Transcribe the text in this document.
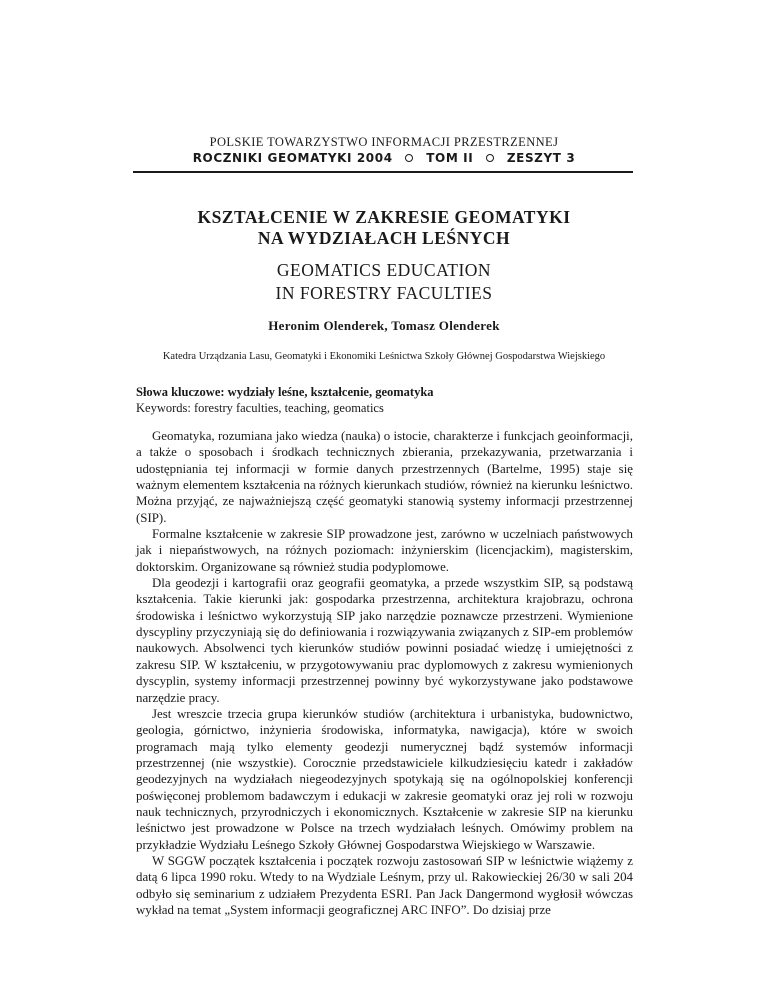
POLSKIE TOWARZYSTWO INFORMACJI PRZESTRZENNEJ
ROCZNIKI GEOMATYKI 2004	TOM II	ZESZYT 3
KSZTAŁCENIE W ZAKRESIE GEOMATYKI
NA WYDZIAŁACH LEŚNYCH
GEOMATICS EDUCATION
IN FORESTRY FACULTIES
Heronim Olenderek, Tomasz Olenderek
Katedra Urządzania Lasu, Geomatyki i Ekonomiki Leśnictwa Szkoły Głównej Gospodarstwa Wiejskiego
Słowa kluczowe: wydziały leśne, kształcenie, geomatyka
Keywords: forestry faculties, teaching, geomatics

Geomatyka, rozumiana jako wiedza (nauka) o istocie, charakterze i funkcjach geoinformacji, a także o sposobach i środkach technicznych zbierania, przekazywania, przetwarzania i udostępniania tej informacji w formie danych przestrzennych (Bartelme, 1995) staje się ważnym elementem kształcenia na różnych kierunkach studiów, również na kierunku leśnictwo. Można przyjąć, ze najważniejszą część geomatyki stanowią systemy informacji przestrzennej (SIP).

Formalne kształcenie w zakresie SIP prowadzone jest, zarówno w uczelniach państwowych jak i niepaństwowych, na różnych poziomach: inżynierskim (licencjackim), magisterskim, doktorskim. Organizowane są również studia podyplomowe.

Dla geodezji i kartografii oraz geografii geomatyka, a przede wszystkim SIP, są podstawą kształcenia. Takie kierunki jak: gospodarka przestrzenna, architektura krajobrazu, ochrona środowiska i leśnictwo wykorzystują SIP jako narzędzie poznawcze przestrzeni. Wymienione dyscypliny przyczyniają się do definiowania i rozwiązywania związanych z SIP-em problemów naukowych. Absolwenci tych kierunków studiów powinni posiadać wiedzę i umiejętności z zakresu SIP. W kształceniu, w przygotowywaniu prac dyplomowych z zakresu wymienionych dyscyplin, systemy informacji przestrzennej powinny być wykorzystywane jako podstawowe narzędzie pracy.

Jest wreszcie trzecia grupa kierunków studiów (architektura i urbanistyka, budownictwo, geologia, górnictwo, inżynieria środowiska, informatyka, nawigacja), które w swoich programach mają tylko elementy geodezji numerycznej bądź systemów informacji przestrzennej (nie wszystkie). Corocznie przedstawiciele kilkudziesięciu katedr i zakładów geodezyjnych na wydziałach niegeodezyjnych spotykają się na ogólnopolskiej konferencji poświęconej problemom badawczym i edukacji w zakresie geomatyki oraz jej roli w rozwoju nauk technicznych, przyrodniczych i ekonomicznych. Kształcenie w zakresie SIP na kierunku leśnictwo jest prowadzone w Polsce na trzech wydziałach leśnych. Omówimy problem na przykładzie Wydziału Leśnego Szkoły Głównej Gospodarstwa Wiejskiego w Warszawie.

W SGGW początek kształcenia i początek rozwoju zastosowań SIP w leśnictwie wiążemy z datą 6 lipca 1990 roku. Wtedy to na Wydziale Leśnym, przy ul. Rakowieckiej 26/30 w sali 204 odbyło się seminarium z udziałem Prezydenta ESRI. Pan Jack Dangermond wygłosił wówczas wykład na temat „System informacji geograficznej ARC INFO”. Do dzisiaj prze
